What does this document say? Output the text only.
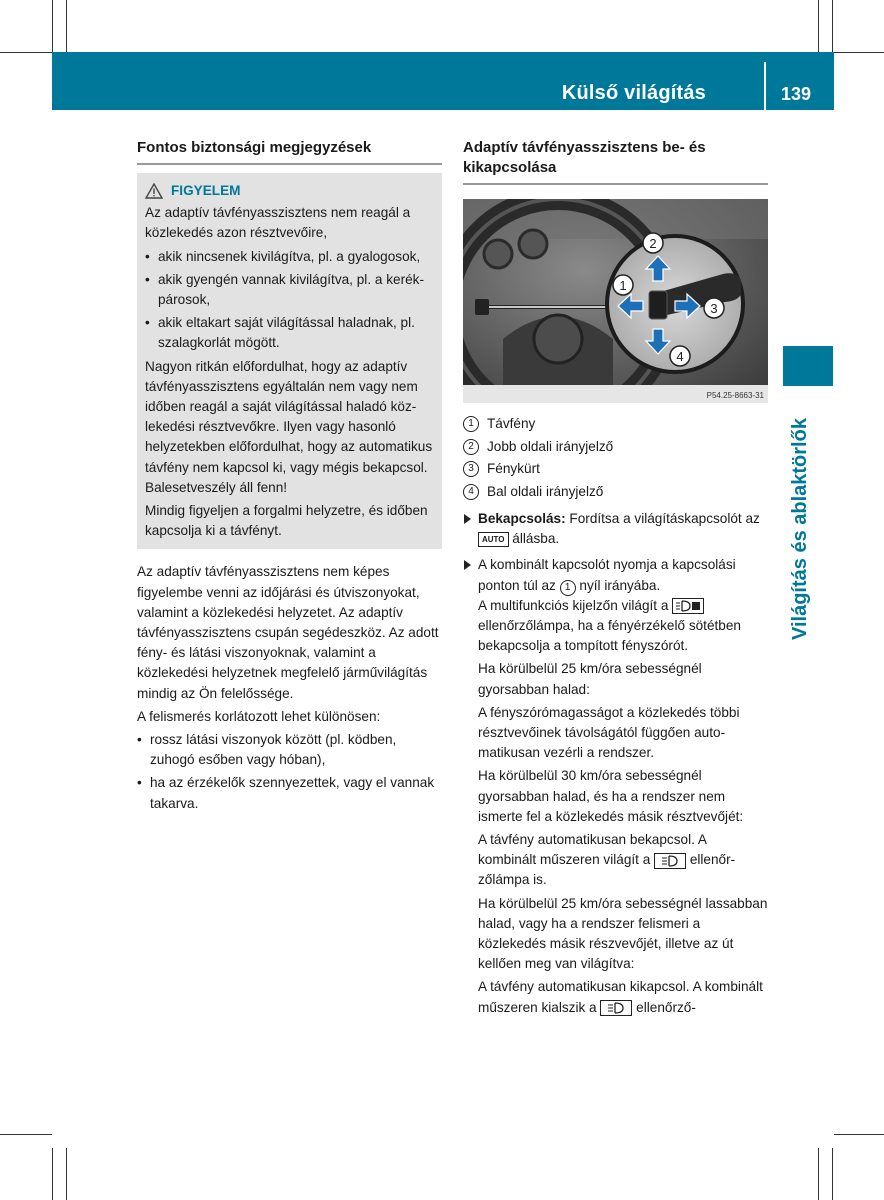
Külső világítás	139
Fontos biztonsági megjegyzések
FIGYELEM
Az adaptív távfényasszisztens nem reagál a közlekedés azon résztvevőire,
• akik nincsenek kivilágítva, pl. a gyalogosok,
• akik gyengén vannak kivilágítva, pl. a kerékpárosok,
• akik eltakart saját világítással haladnak, pl. szalagkorlát mögött.
Nagyon ritkán előfordulhat, hogy az adaptív távfényasszisztens egyáltalán nem vagy nem időben reagál a saját világítással haladó közlekedési résztvevőkre. Ilyen vagy hasonló helyzetekben előfordulhat, hogy az automatikus távfény nem kapcsol ki, vagy mégis bekapcsol. Balesetveszély áll fenn!
Mindig figyeljen a forgalmi helyzetre, és időben kapcsolja ki a távfényt.
Az adaptív távfényasszisztens nem képes figyelembe venni az időjárási és útviszonyokat, valamint a közlekedési helyzetet. Az adaptív távfényasszisztens csupán segédeszköz. Az adott fény- és látási viszonyoknak, valamint a közlekedési helyzetnek megfelelő járművilágítás mindig az Ön felelőssége.
A felismerés korlátozott lehet különösen:
• rossz látási viszonyok között (pl. ködben, zuhogó esőben vagy hóban),
• ha az érzékelők szennyezettek, vagy el vannak takarva.
Adaptív távfényasszisztens be- és kikapcsolása
2
1
3
4
P54.25-8663-31
1 Távfény
2 Jobb oldali irányjelző
3 Fénykürt
4 Bal oldali irányjelző
Bekapcsolás: Fordítsa a világításkapcsolót az AUTO állásba.
A kombinált kapcsolót nyomja a kapcsolási ponton túl az 1 nyíl irányába.
A multifunkciós kijelzőn világít a  ellenőrzőlámpa, ha a fényérzékelő sötétben bekapcsolja a tompított fényszórót.
Ha körülbelül 25 km/óra sebességnél gyorsabban halad:
A fényszórómagasságot a közlekedés többi résztvevőinek távolságától függően automatikusan vezérli a rendszer.
Ha körülbelül 30 km/óra sebességnél gyorsabban halad, és ha a rendszer nem ismerte fel a közlekedés másik résztvevőjét:
A távfény automatikusan bekapcsol. A kombinált műszeren világít a  ellenőrzőlámpa is.
Ha körülbelül 25 km/óra sebességnél lassabban halad, vagy ha a rendszer felismeri a közlekedés másik részvevőjét, illetve az út kellően meg van világítva:
A távfény automatikusan kikapcsol. A kombinált műszeren kialszik a  ellenőrző-
Világítás és ablaktörlők
